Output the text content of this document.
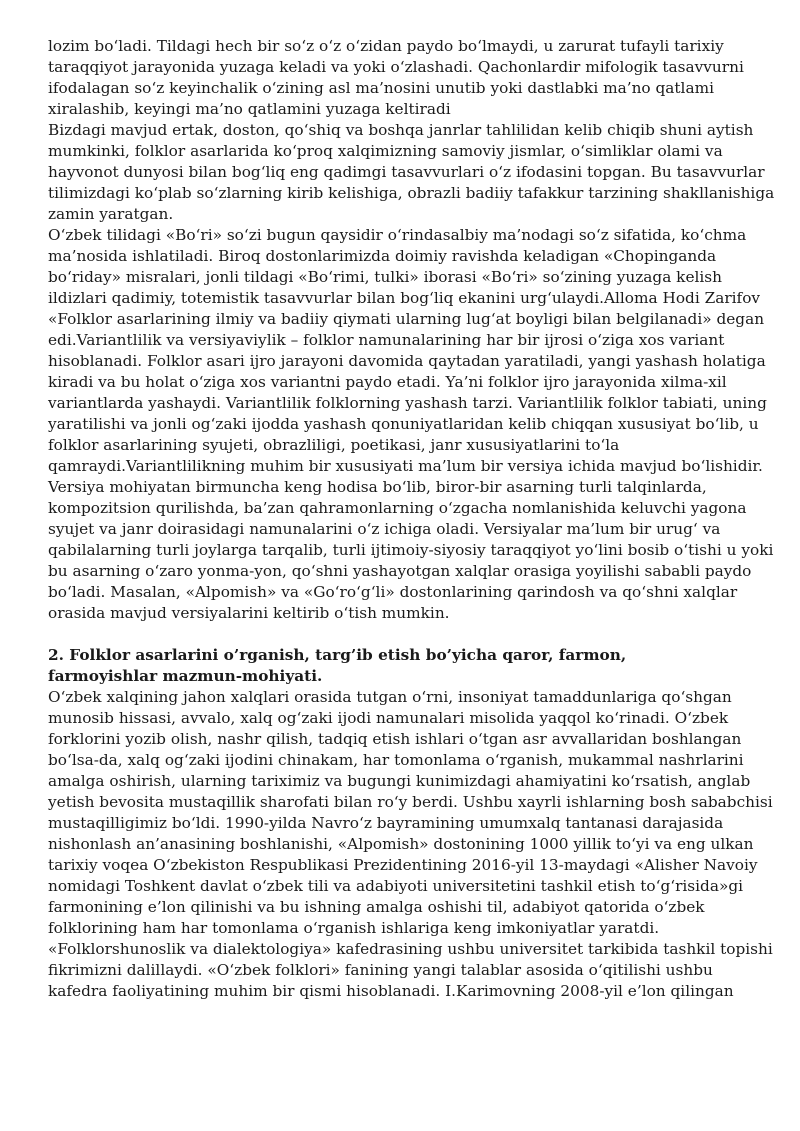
lozim bo‘ladi. Tildagi hech bir so‘z o‘z o‘zidan paydo bo‘lmaydi, u zarurat tufayli tarixiy
taraqqiyot jarayonida yuzaga keladi va yoki o‘zlashadi. Qachonlardir mifologik tasavvurni
ifodalagan so‘z keyinchalik o‘zining asl ma’nosini unutib yoki dastlabki ma’no qatlami
xiralashib, keyingi ma’no qatlamini yuzaga keltiradi
Bizdagi mavjud ertak, doston, qo‘shiq va boshqa janrlar tahlilidan kelib chiqib shuni aytish
mumkinki, folklor asarlarida ko‘proq xalqimizning samoviy jismlar, o‘simliklar olami va
hayvonot dunyosi bilan bog‘liq eng qadimgi tasavvurlari o‘z ifodasini topgan. Bu tasavvurlar
tilimizdagi ko‘plab so‘zlarning kirib kelishiga, obrazli badiiy tafakkur tarzining shakllanishiga
zamin yaratgan.
O‘zbek tilidagi «Bo‘ri» so‘zi bugun qaysidir o‘rindasalbiy ma’nodagi so‘z sifatida, ko‘chma
ma’nosida ishlatiladi. Biroq dostonlarimizda doimiy ravishda keladigan «Chopinganda
bo‘riday» misralari, jonli tildagi «Bo‘rimi, tulki» iborasi «Bo‘ri» so‘zining yuzaga kelish
ildizlari qadimiy, totemistik tasavvurlar bilan bog‘liq ekanini urg‘ulaydi.Alloma Hodi Zarifov
«Folklor asarlarining ilmiy va badiiy qiymati ularning lug‘at boyligi bilan belgilanadi» degan
edi.Variantlilik va versiyaviylik – folklor namunalarining har bir ijrosi o‘ziga xos variant
hisoblanadi. Folklor asari ijro jarayoni davomida qaytadan yaratiladi, yangi yashash holatiga
kiradi va bu holat o‘ziga xos variantni paydo etadi. Ya’ni folklor ijro jarayonida xilma-xil
variantlarda yashaydi. Variantlilik folklorning yashash tarzi. Variantlilik folklor tabiati, uning
yaratilishi va jonli og‘zaki ijodda yashash qonuniyatlaridan kelib chiqqan xususiyat bo‘lib, u
folklor asarlarining syujeti, obrazliligi, poetikasi, janr xususiyatlarini to‘la
qamraydi.Variantlilikning muhim bir xususiyati ma’lum bir versiya ichida mavjud bo‘lishidir.
Versiya mohiyatan birmuncha keng hodisa bo‘lib, biror-bir asarning turli talqinlarda,
kompozitsion qurilishda, ba’zan qahramonlarning o‘zgacha nomlanishida keluvchi yagona
syujet va janr doirasidagi namunalarini o‘z ichiga oladi. Versiyalar ma’lum bir urug‘ va
qabilalarning turli joylarga tarqalib, turli ijtimoiy-siyosiy taraqqiyot yo‘lini bosib o‘tishi u yoki
bu asarning o‘zaro yonma-yon, qo‘shni yashayotgan xalqlar orasiga yoyilishi sababli paydo
bo‘ladi. Masalan, «Alpomish» va «Go‘ro‘g‘li» dostonlarining qarindosh va qo‘shni xalqlar
orasida mavjud versiyalarini keltirib o‘tish mumkin.
2. Folklor asarlarini o’rganish, targ’ib etish bo’yicha qaror, farmon,
farmoyishlar mazmun-mohiyati.
O‘zbek xalqining jahon xalqlari orasida tutgan o‘rni, insoniyat tamaddunlariga qo‘shgan
munosib hissasi, avvalo, xalq og‘zaki ijodi namunalari misolida yaqqol ko‘rinadi. O‘zbek
forklorini yozib olish, nashr qilish, tadqiq etish ishlari o‘tgan asr avvallaridan boshlangan
bo‘lsa-da, xalq og‘zaki ijodini chinakam, har tomonlama o‘rganish, mukammal nashrlarini
amalga oshirish, ularning tariximiz va bugungi kunimizdagi ahamiyatini ko‘rsatish, anglab
yetish bevosita mustaqillik sharofati bilan ro‘y berdi. Ushbu xayrli ishlarning bosh sababchisi
mustaqilligimiz bo‘ldi. 1990-yilda Navro‘z bayramining umumxalq tantanasi darajasida
nishonlash an’anasining boshlanishi, «Alpomish» dostonining 1000 yillik to‘yi va eng ulkan
tarixiy voqea O‘zbekiston Respublikasi Prezidentining 2016-yil 13-maydagi «Alisher Navoiy
nomidagi Toshkent davlat o‘zbek tili va adabiyoti universitetini tashkil etish to‘g‘risida»gi
farmonining e’lon qilinishi va bu ishning amalga oshishi til, adabiyot qatorida o‘zbek
folklorining ham har tomonlama o‘rganish ishlariga keng imkoniyatlar yaratdi.
«Folklorshunoslik va dialektologiya» kafedrasining ushbu universitet tarkibida tashkil topishi
fikrimizni dalillaydi. «O‘zbek folklori» fanining yangi talablar asosida o‘qitilishi ushbu
kafedra faoliyatining muhim bir qismi hisoblanadi. I.Karimovning 2008-yil e’lon qilingan
